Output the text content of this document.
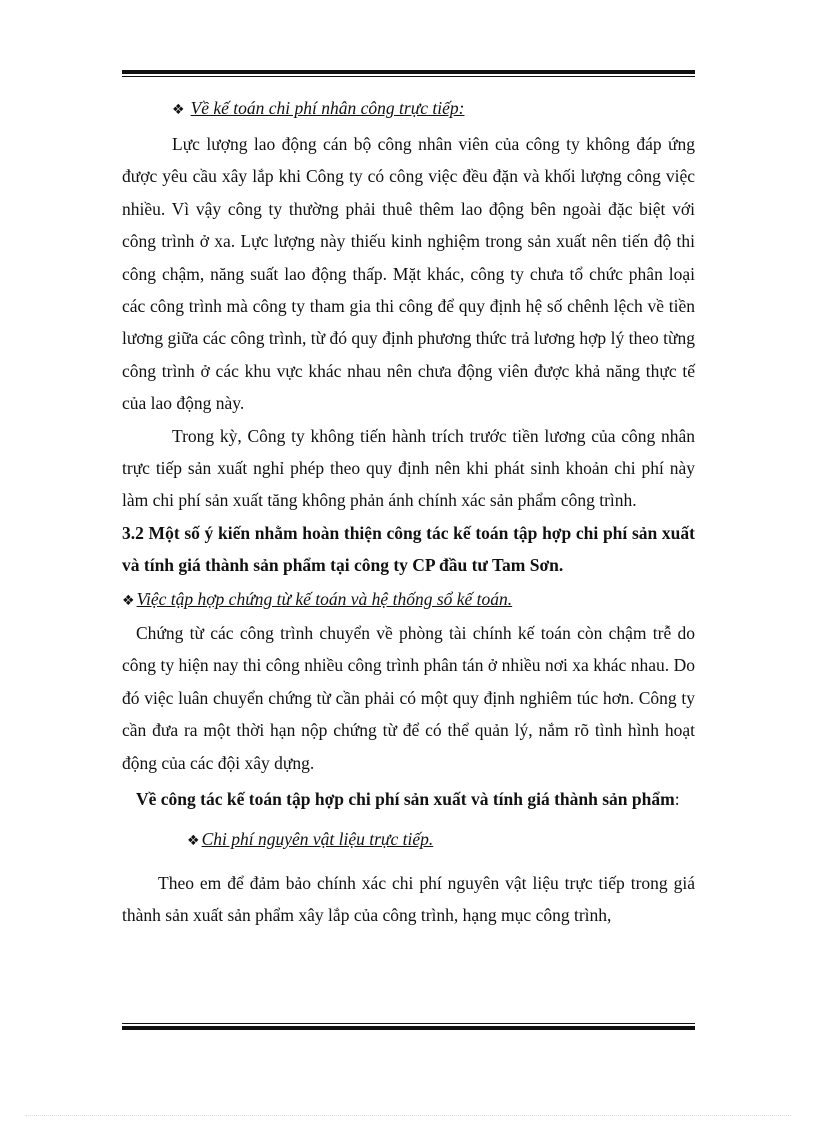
❖ Về kế toán chi phí nhân công trực tiếp:

Lực lượng lao động cán bộ công nhân viên của công ty không đáp ứng được yêu cầu xây lắp khi Công ty có công việc đều đặn và khối lượng công việc nhiều. Vì vậy công ty thường phải thuê thêm lao động bên ngoài đặc biệt với công trình ở xa. Lực lượng này thiếu kinh nghiệm trong sản xuất nên tiến độ thi công chậm, năng suất lao động thấp. Mặt khác, công ty chưa tổ chức phân loại các công trình mà công ty tham gia thi công để quy định hệ số chênh lệch về tiền lương giữa các công trình, từ đó quy định phương thức trả lương hợp lý theo từng công trình ở các khu vực khác nhau nên chưa động viên được khả năng thực tế của lao động này.

Trong kỳ, Công ty không tiến hành trích trước tiền lương của công nhân trực tiếp sản xuất nghỉ phép theo quy định nên khi phát sinh khoản chi phí này làm chi phí sản xuất tăng không phản ánh chính xác sản phẩm công trình.

3.2 Một số ý kiến nhằm hoàn thiện công tác kế toán tập hợp chi phí sản xuất và tính giá thành sản phẩm tại công ty CP đầu tư Tam Sơn.

❖ Việc tập hợp chứng từ kế toán và hệ thống sổ kế toán.

Chứng từ các công trình chuyển về phòng tài chính kế toán còn chậm trễ do công ty hiện nay thi công nhiều công trình phân tán ở nhiều nơi xa khác nhau. Do đó việc luân chuyển chứng từ cần phải có một quy định nghiêm túc hơn. Công ty cần đưa ra một thời hạn nộp chứng từ để có thể quản lý, nắm rõ tình hình hoạt động của các đội xây dựng.

Về công tác kế toán tập hợp chi phí sản xuất và tính giá thành sản phẩm:

❖ Chi phí nguyên vật liệu trực tiếp.

Theo em để đảm bảo chính xác chi phí nguyên vật liệu trực tiếp trong giá thành sản xuất sản phẩm xây lắp của công trình, hạng mục công trình,
